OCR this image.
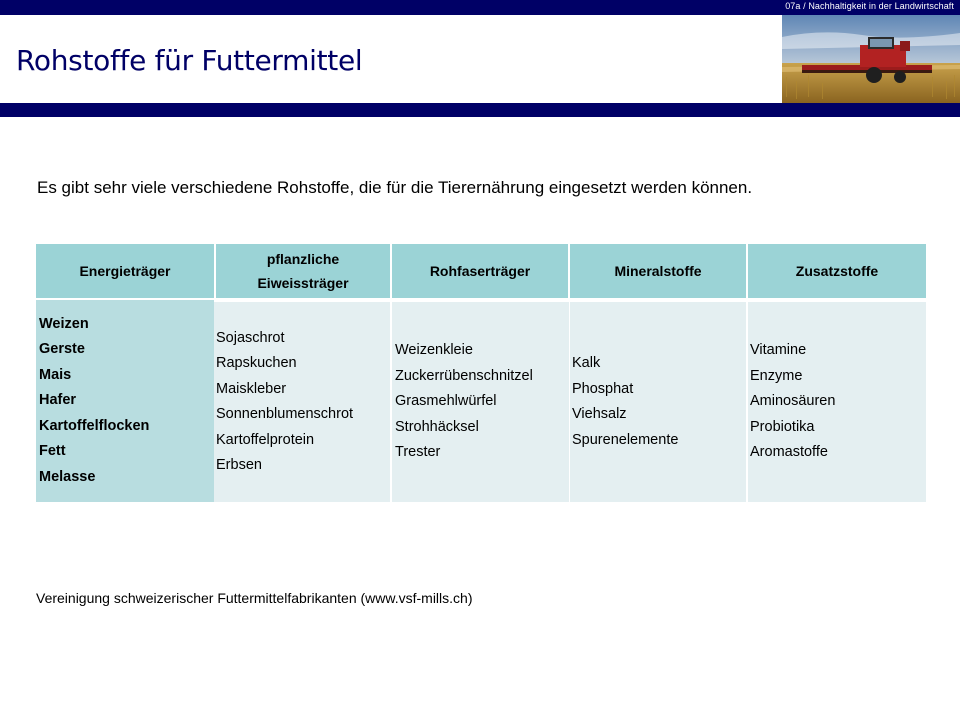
07a / Nachhaltigkeit in der Landwirtschaft
Rohstoffe für Futtermittel
Es gibt sehr viele verschiedene Rohstoffe, die für die Tierernährung eingesetzt werden können.
Energieträger
pflanzliche
Eiweissträger
Rohfaserträger	Mineralstoffe	Zusatzstoffe
Weizen
Gerste
Mais
Hafer
Kartoffelflocken
Fett
Melasse
Sojaschrot
Rapskuchen
Maiskleber
Sonnenblumenschrot
Kartoffelprotein
Erbsen
Weizenkleie
Zuckerrübenschnitzel
Grasmehlwürfel
Strohhäcksel
Trester
Kalk
Phosphat
Viehsalz
Spurenelemente
Vitamine
Enzyme
Aminosäuren
Probiotika
Aromastoffe
Vereinigung schweizerischer Futtermittelfabrikanten (www.vsf-mills.ch)
